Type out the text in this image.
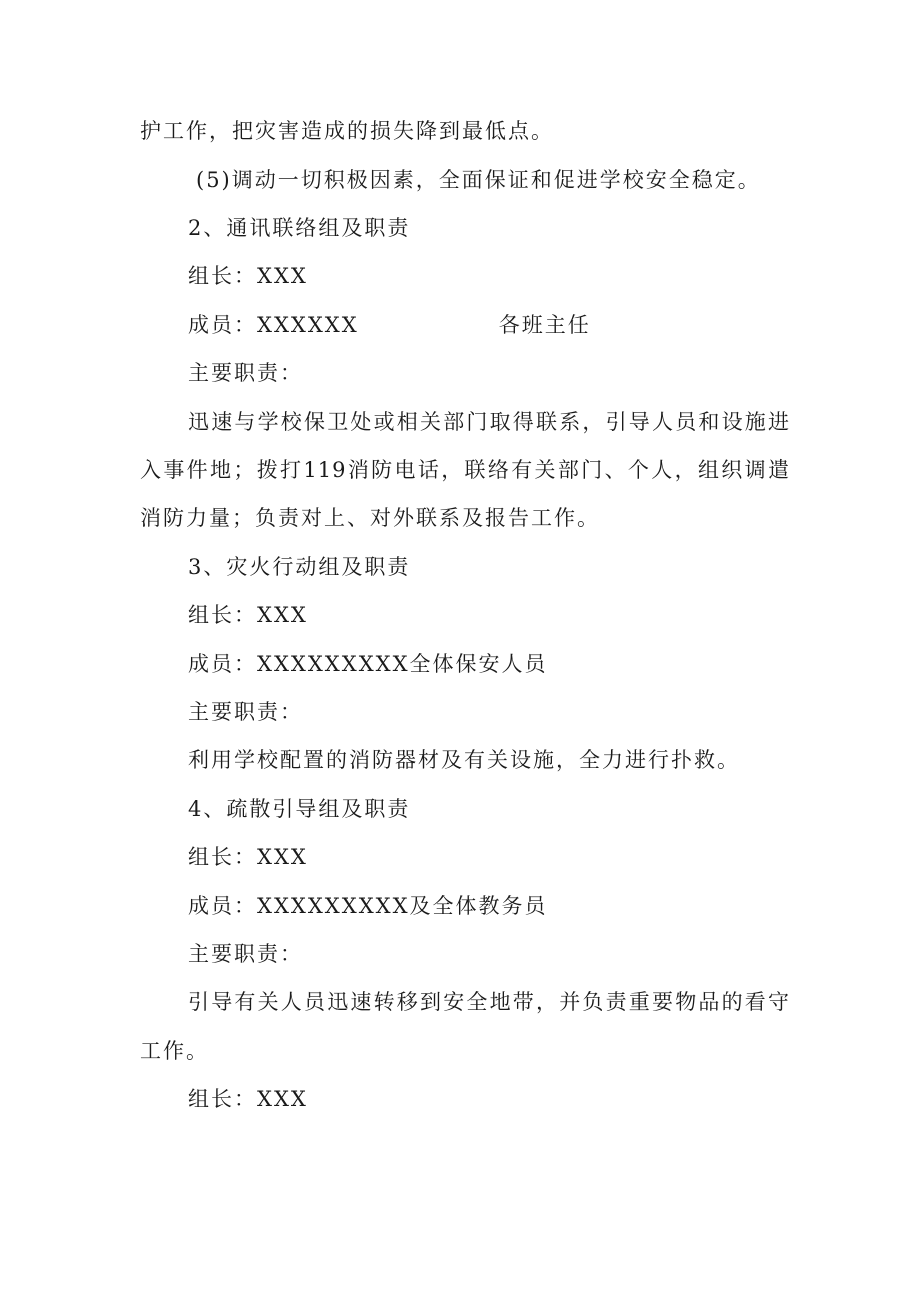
护工作，把灾害造成的损失降到最低点。
(5)调动一切积极因素，全面保证和促进学校安全稳定。
2、通讯联络组及职责
组长：XXX
成员：XXXXXX	各班主任
主要职责：
迅速与学校保卫处或相关部门取得联系，引导人员和设施进
入事件地；拨打119消防电话，联络有关部门、个人，组织调遣
消防力量；负责对上、对外联系及报告工作。
3、灾火行动组及职责
组长：XXX
成员：XXXXXXXXX全体保安人员
主要职责：
利用学校配置的消防器材及有关设施，全力进行扑救。
4、疏散引导组及职责
组长：XXX
成员：XXXXXXXXX及全体教务员
主要职责：
引导有关人员迅速转移到安全地带，并负责重要物品的看守
工作。
组长：XXX
